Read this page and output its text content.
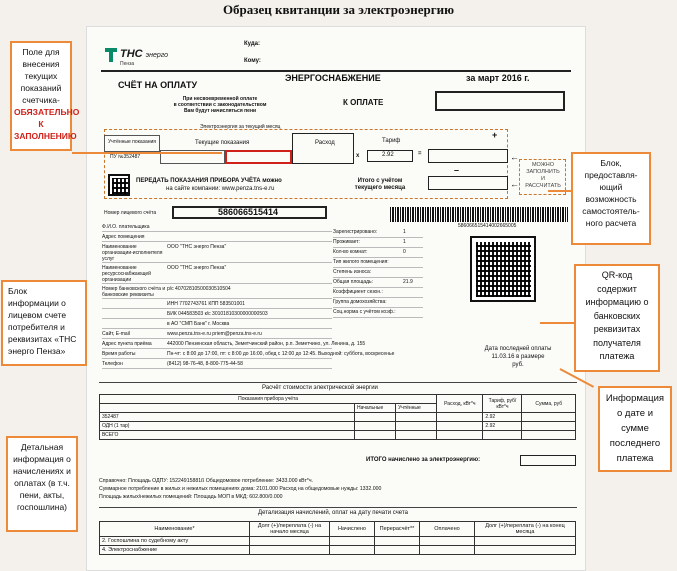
Образец квитанции за электроэнергию
ТНС энерго
Пенза
Куда:
Кому:
СЧЁТ НА ОПЛАТУ
ЭНЕРГОСНАБЖЕНИЕ	за март 2016 г.
При несвоевременной оплате
в соответствии с законодательством
Вам будут начисляться пени
К ОПЛАТЕ
Электроэнергия за текущий месяц
Учтённые показания
ПУ №352487
Текущие показания	Расход
x
Тариф
2.92	=
+
–
←
←
МОЖНО
ЗАПОЛНИТЬ
И
РАССЧИТАТЬ
ПЕРЕДАТЬ ПОКАЗАНИЯ ПРИБОРА УЧЁТА можно
на сайте компании: www.penza.tns-e.ru
Итого с учётом
текущего месяца
Номер лицевого счёта	586066515414
586066515414002665005
Ф.И.О. плательщика
Адрес помещения
Наименование организации-исполнителя услуг
ООО "ТНС энерго Пенза"
Наименование ресурсоснабжающей организации
ООО "ТНС энерго Пенза"
Номер банковского счёта и банковские реквизиты
р/с 40702810500030510504
ИНН 7702743761 КПП 583501001
БИК 044583503 к/с 30101810300000000503
в АО "СМП Банк" г. Москва
Сайт, E-mail	www.penza.tns-e.ru priem@penza.tns-e.ru
Адрес пункта приёма	442000 Пензенская область, Земетчинский район, р.п. Земетчино, ул. Ленина, д. 155
Время работы	Пн-чт: с 8:00 до 17:00, пт: с 8:00 до 16:00, обед с 12:00 до 12:45. Выходной: суббота, воскресенье
Телефон	(8412) 98-76-48, 8-800-775-44-58
Зарегистрировано:	1
Проживает:	1
Кол-во комнат:	0
Тип жилого помещения:
Степень износа:
Общая площадь:	21.9
Коэффициент сезон.:
Группа домохозяйства:
Соц.норма с учётом коэф.:
Дата последней оплаты
11.03.16 в размере
руб.
Расчёт стоимости электрической энергии
Показания прибора учёта			Расход, кВт*ч	Тариф, руб/кВт*ч	Сумма, руб
	Начальные	Учтённые			
352487				2.92	
ОДН (1 тар)				2.92	
ВСЕГО					
ИТОГО начислено за электроэнергию:
Справочно: Площадь ОДПУ: 15224915881ß Общедомовое потребление: 3433.000 кВт*ч.
Суммарное потребление в жилых и нежилых помещениях дома: 2101.000 Расход на общедомовые нужды: 1332.000
Площадь жилых/нежилых помещений: Площадь МОП в МКД: 602.800/0.000
Детализация начислений, оплат на дату печати счета
Наименование*	Долг (+)/переплата (-) на начало месяца	Начислено	Перерасчёт**	Оплачено	Долг (+)/переплата (-) на конец месяца
2. Госпошлина по судебному акту					
4. Электроснабжение					
Поле для
внесения
текущих
показаний
счетчика-
ОБЯЗАТЕЛЬНО
К
ЗАПОЛНЕНИЮ
Блок,
предоставля-
ющий
возможность
самостоятель-
ного расчета
Блок
информации о
лицевом счете
потребителя и
реквизитах «ТНС
энерго Пенза»
QR-код
содержит
информацию о
банковских
реквизитах
получателя
платежа
Информация
о дате и
сумме
последнего
платежа
Детальная
информация о
начислениях и
оплатах (в т.ч.
пени, акты,
госпошлина)
